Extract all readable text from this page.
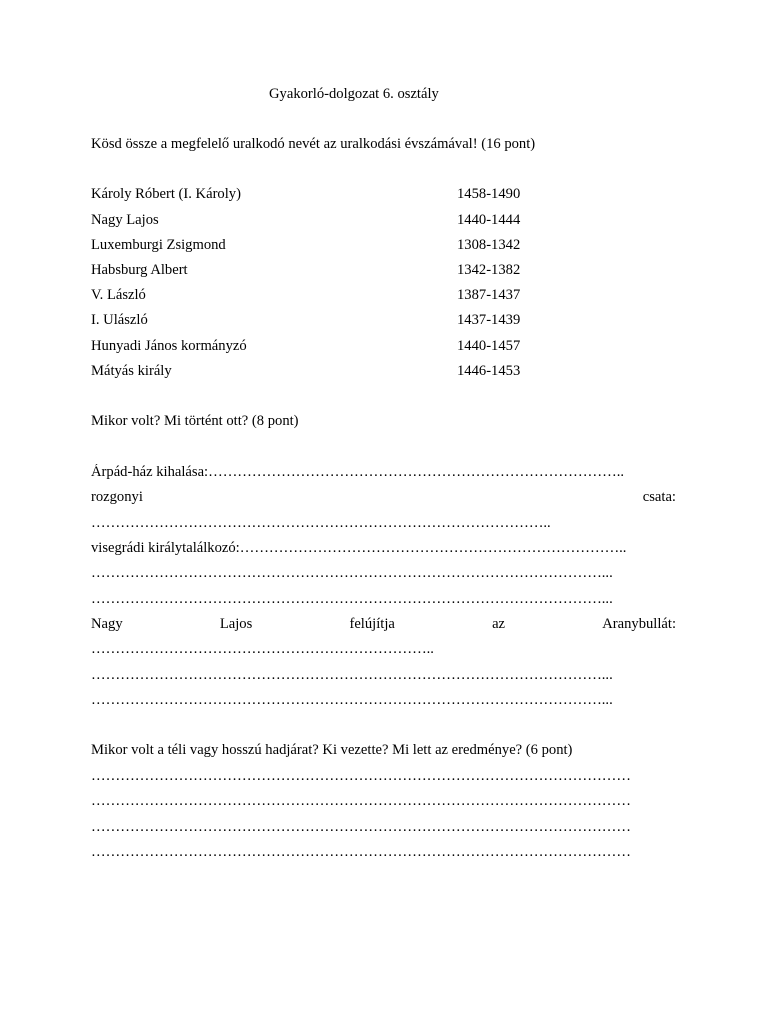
Gyakorló-dolgozat 6. osztály
Kösd össze a megfelelő uralkodó nevét az uralkodási évszámával! (16 pont)
Károly Róbert (I. Károly)	1458-1490
Nagy Lajos	1440-1444
Luxemburgi Zsigmond	1308-1342
Habsburg Albert	1342-1382
V. László	1387-1437
I. Ulászló	1437-1439
Hunyadi János kormányzó	1440-1457
Mátyás király	1446-1453
Mikor volt? Mi történt ott? (8 pont)
Árpád-ház kihalása:…………………………………………………………………………..
rozgonyi	csata:
…………………………………………………………………………………..
visegrádi királytalálkozó:……………………………………………………………………..
……………………………………………………………………………………………...
……………………………………………………………………………………………...
Nagy	Lajos	felújítja	az	Aranybullát:
……………………………………………………………..
……………………………………………………………………………………………...
……………………………………………………………………………………………...
Mikor volt a téli vagy hosszú hadjárat? Ki vezette? Mi lett az eredménye? (6 pont)
…………………………………………………………………………………………………
…………………………………………………………………………………………………
…………………………………………………………………………………………………
…………………………………………………………………………………………………
